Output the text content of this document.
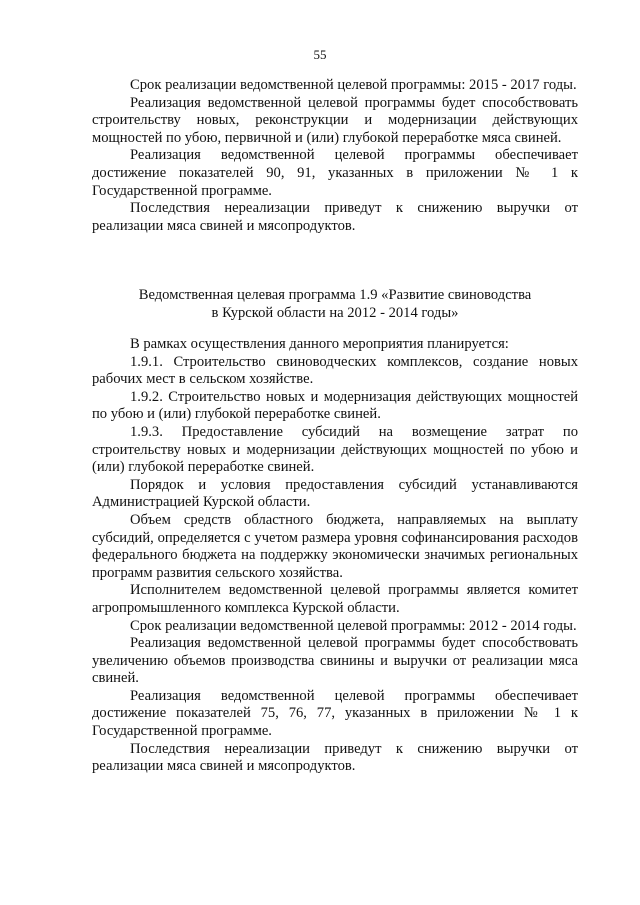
55

Срок реализации ведомственной целевой программы: 2015 - 2017 годы.

Реализация ведомственной целевой программы будет способствовать строительству новых, реконструкции и модернизации действующих мощностей по убою, первичной и (или) глубокой переработке мяса свиней.

Реализация ведомственной целевой программы обеспечивает достижение показателей 90, 91, указанных в приложении № 1 к Государственной программе.

Последствия нереализации приведут к снижению выручки от реализации мяса свиней и мясопродуктов.

Ведомственная целевая программа 1.9 «Развитие свиноводства
в Курской области на 2012 - 2014 годы»

В рамках осуществления данного мероприятия планируется:

1.9.1. Строительство свиноводческих комплексов, создание новых рабочих мест в сельском хозяйстве.

1.9.2. Строительство новых и модернизация действующих мощностей по убою и (или) глубокой переработке свиней.

1.9.3. Предоставление субсидий на возмещение затрат по строительству новых и модернизации действующих мощностей по убою и (или) глубокой переработке свиней.

Порядок и условия предоставления субсидий устанавливаются Администрацией Курской области.

Объем средств областного бюджета, направляемых на выплату субсидий, определяется с учетом размера уровня софинансирования расходов федерального бюджета на поддержку экономически значимых региональных программ развития сельского хозяйства.

Исполнителем ведомственной целевой программы является комитет агропромышленного комплекса Курской области.

Срок реализации ведомственной целевой программы: 2012 - 2014 годы.

Реализация ведомственной целевой программы будет способствовать увеличению объемов производства свинины и выручки от реализации мяса свиней.

Реализация ведомственной целевой программы обеспечивает достижение показателей 75, 76, 77, указанных в приложении № 1 к Государственной программе.

Последствия нереализации приведут к снижению выручки от реализации мяса свиней и мясопродуктов.
